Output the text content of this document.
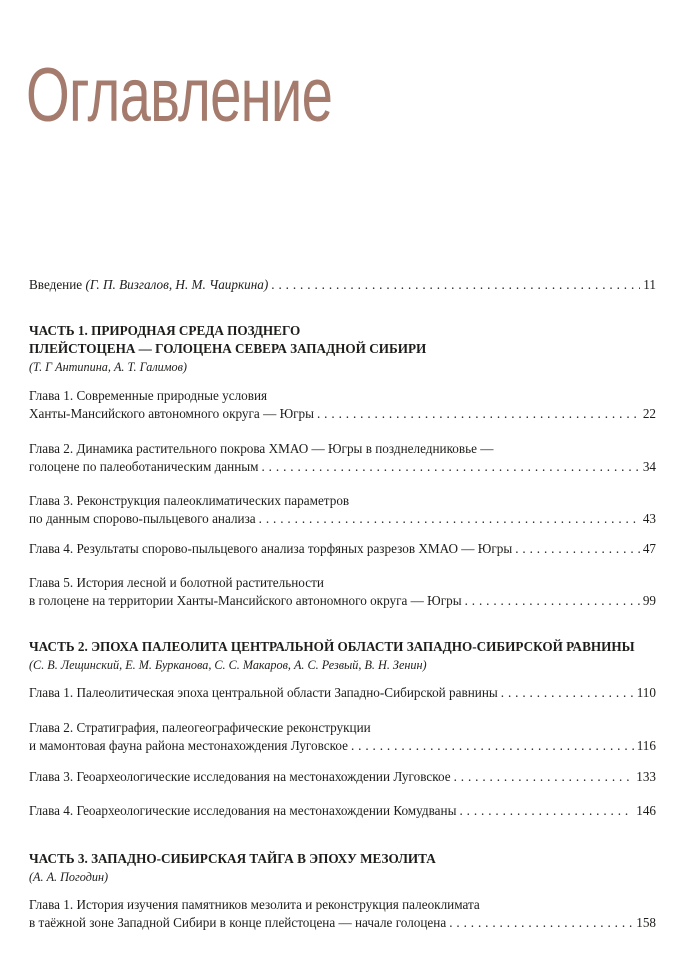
Оглавление
Введение
(Г. П. Визгалов, Н. М. Чаиркина) . . .	11
ЧАСТЬ 1. ПРИРОДНАЯ СРЕДА ПОЗДНЕГО
ПЛЕЙСТОЦЕНА — ГОЛОЦЕНА СЕВЕРА ЗАПАДНОЙ СИБИРИ
(Т. Г Антипина, А. Т. Галимов)
Глава 1. Современные природные условия
Ханты-Мансийского автономного округа — Югры . . .	22
Глава 2. Динамика растительного покрова ХМАО — Югры в позднеледниковье —
голоцене по палеоботаническим данным . . .	34
Глава 3. Реконструкция палеоклиматических параметров
по данным спорово-пыльцевого анализа . . .	43
Глава 4. Результаты спорово-пыльцевого анализа торфяных разрезов ХМАО — Югры . . .	47
Глава 5. История лесной и болотной растительности
в голоцене на территории Ханты-Мансийского автономного округа — Югры . . .	99
ЧАСТЬ 2. ЭПОХА ПАЛЕОЛИТА ЦЕНТРАЛЬНОЙ ОБЛАСТИ ЗАПАДНО-СИБИРСКОЙ РАВНИНЫ
(С. В. Лещинский, Е. М. Бурканова, С. С. Макаров, А. С. Резвый, В. Н. Зенин)
Глава 1. Палеолитическая эпоха центральной области Западно-Сибирской равнины . . .	110
Глава 2. Стратиграфия, палеогеографические реконструкции
и мамонтовая фауна района местонахождения Луговское . . .	116
Глава 3. Геоархеологические исследования на местонахождении Луговское . . .	133
Глава 4. Геоархеологические исследования на местонахождении Комудваны . . .	146
ЧАСТЬ 3. ЗАПАДНО-СИБИРСКАЯ ТАЙГА В ЭПОХУ МЕЗОЛИТА
(А. А. Погодин)
Глава 1. История изучения памятников мезолита и реконструкция палеоклимата
в таёжной зоне Западной Сибири в конце плейстоцена — начале голоцена . . .	158
